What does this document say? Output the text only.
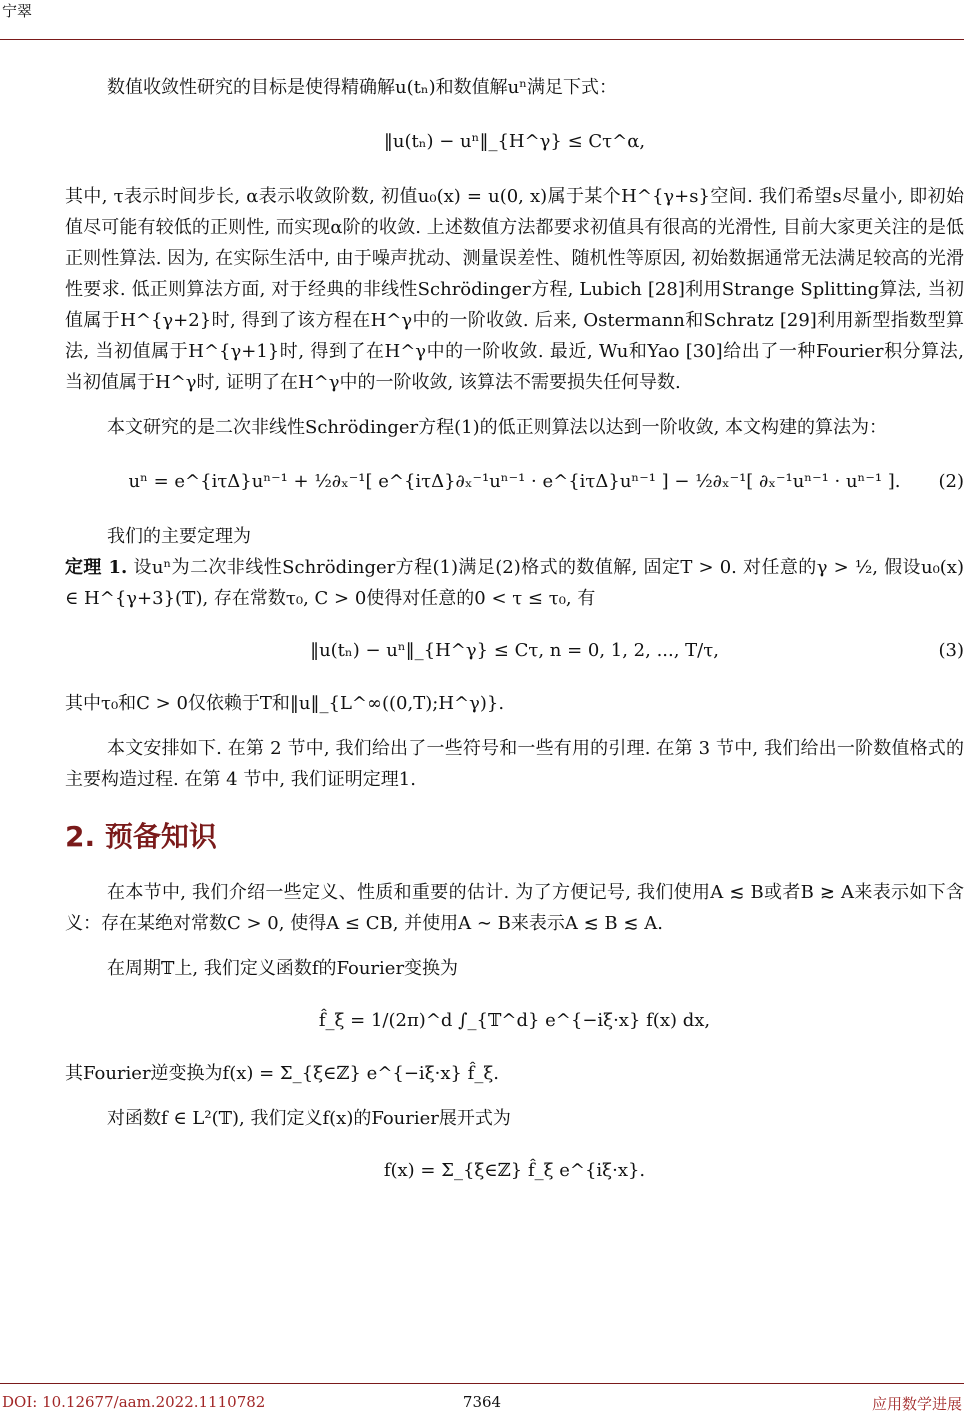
宁翠

数值收敛性研究的目标是使得精确解u(tₙ)和数值解uⁿ满足下式：

‖u(tₙ) − uⁿ‖_{H^γ} ≤ Cτ^α,

其中, τ表示时间步长, α表示收敛阶数, 初值u₀(x) = u(0, x)属于某个H^{γ+s}空间. 我们希望s尽量小, 即初始值尽可能有较低的正则性, 而实现α阶的收敛. 上述数值方法都要求初值具有很高的光滑性, 目前大家更关注的是低正则性算法. 因为, 在实际生活中, 由于噪声扰动、测量误差性、随机性等原因, 初始数据通常无法满足较高的光滑性要求. 低正则算法方面, 对于经典的非线性Schrödinger方程, Lubich [28]利用Strange Splitting算法, 当初值属于H^{γ+2}时, 得到了该方程在H^γ中的一阶收敛. 后来, Ostermann和Schratz [29]利用新型指数型算法, 当初值属于H^{γ+1}时, 得到了在H^γ中的一阶收敛. 最近, Wu和Yao [30]给出了一种Fourier积分算法, 当初值属于H^γ时, 证明了在H^γ中的一阶收敛, 该算法不需要损失任何导数.

本文研究的是二次非线性Schrödinger方程(1)的低正则算法以达到一阶收敛, 本文构建的算法为：

uⁿ = e^{iτΔ}uⁿ⁻¹ + ½∂ₓ⁻¹[ e^{iτΔ}∂ₓ⁻¹uⁿ⁻¹ · e^{iτΔ}uⁿ⁻¹ ] − ½∂ₓ⁻¹[ ∂ₓ⁻¹uⁿ⁻¹ · uⁿ⁻¹ ]. (2)

我们的主要定理为

定理 1. 设uⁿ为二次非线性Schrödinger方程(1)满足(2)格式的数值解, 固定T > 0. 对任意的γ > ½, 假设u₀(x) ∈ H^{γ+3}(𝕋), 存在常数τ₀, C > 0使得对任意的0 < τ ≤ τ₀, 有

‖u(tₙ) − uⁿ‖_{H^γ} ≤ Cτ, n = 0, 1, 2, ..., T/τ,	(3)

其中τ₀和C > 0仅依赖于T和‖u‖_{L^∞((0,T);H^γ)}.

本文安排如下. 在第 2 节中, 我们给出了一些符号和一些有用的引理. 在第 3 节中, 我们给出一阶数值格式的主要构造过程. 在第 4 节中, 我们证明定理1.

2. 预备知识

在本节中, 我们介绍一些定义、性质和重要的估计. 为了方便记号, 我们使用A ≲ B或者B ≳ A来表示如下含义：存在某绝对常数C > 0, 使得A ≤ CB, 并使用A ∼ B来表示A ≲ B ≲ A.

在周期𝕋上, 我们定义函数f的Fourier变换为

f̂_ξ = 1/(2π)^d ∫_{𝕋^d} e^{−iξ·x} f(x) dx,

其Fourier逆变换为f(x) = Σ_{ξ∈ℤ} e^{−iξ·x} f̂_ξ.

对函数f ∈ L²(𝕋), 我们定义f(x)的Fourier展开式为

f(x) = Σ_{ξ∈ℤ} f̂_ξ e^{iξ·x}.
DOI: 10.12677/aam.2022.1110782	7364	应用数学进展
